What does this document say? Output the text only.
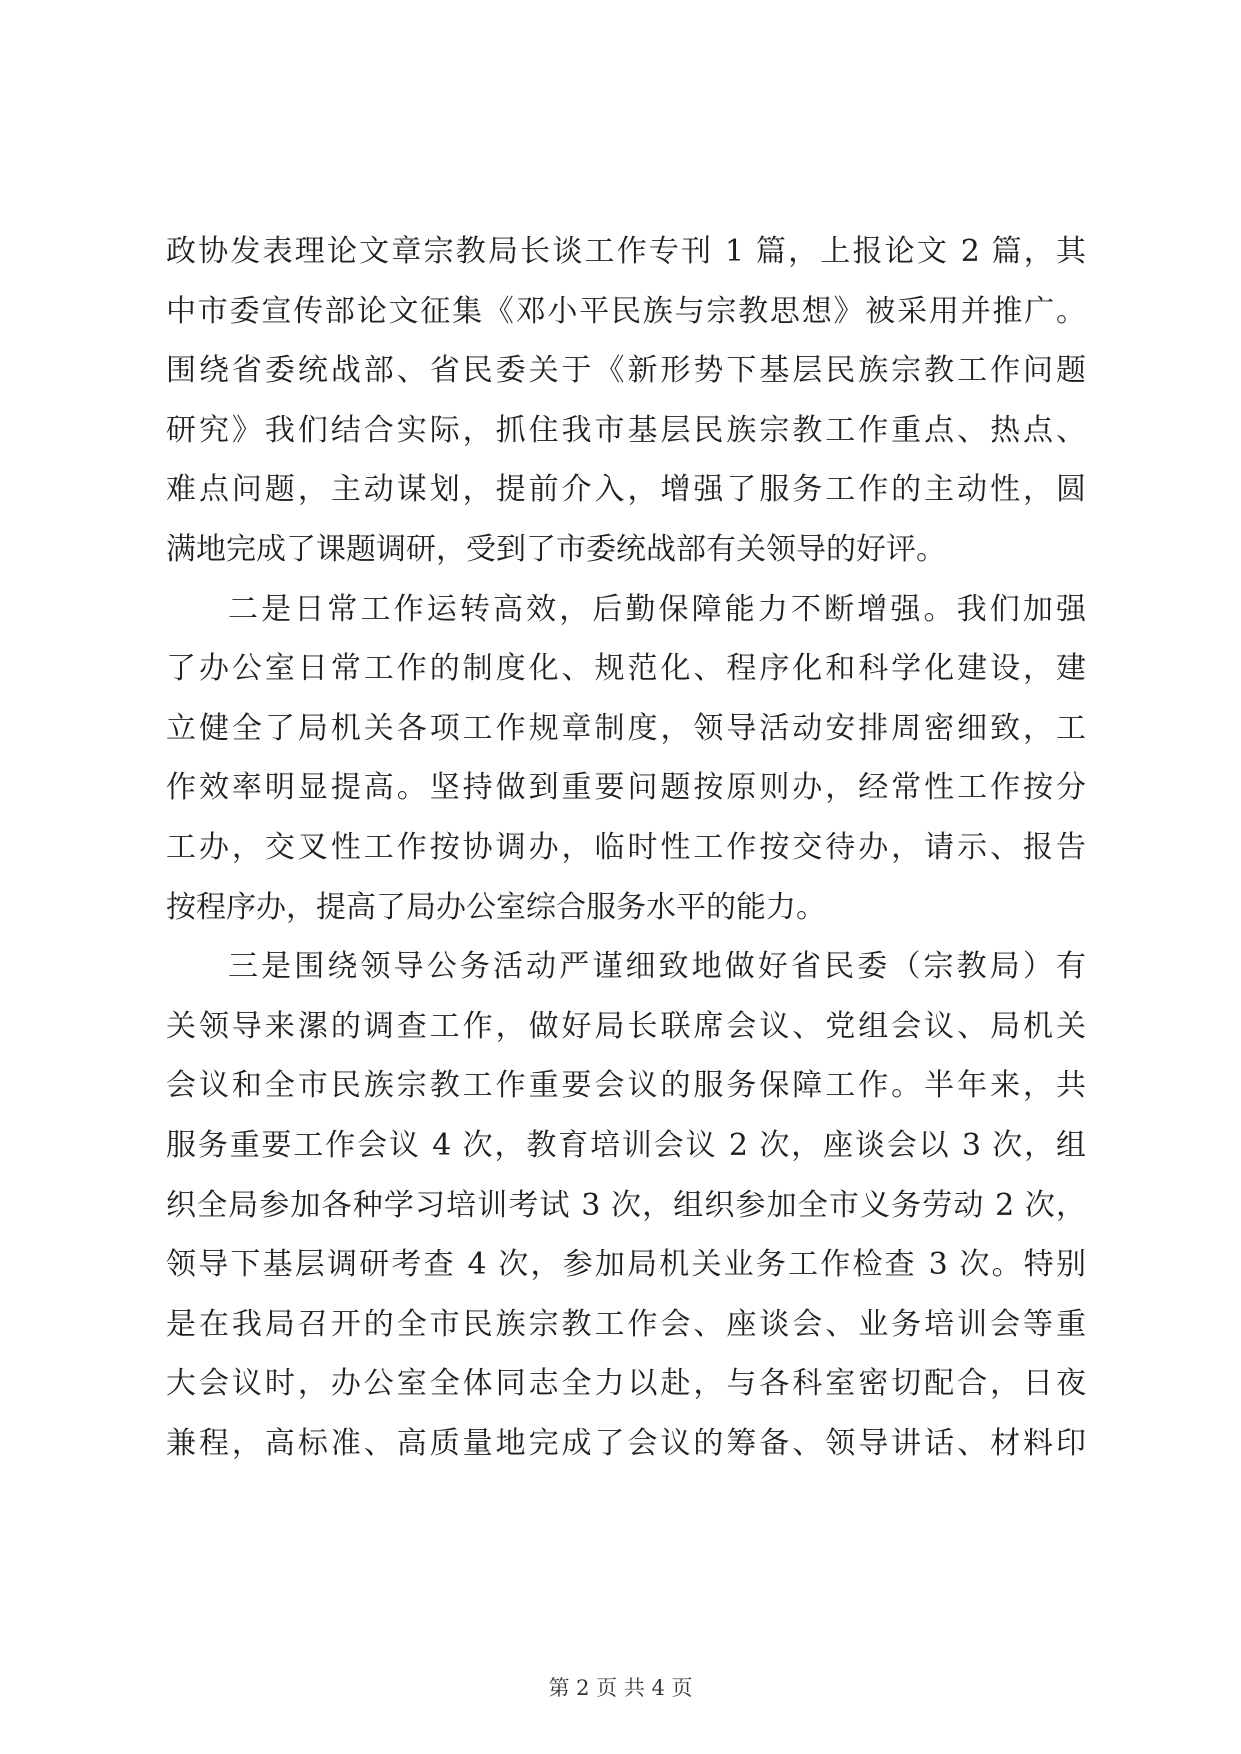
政协发表理论文章宗教局长谈工作专刊 1 篇，上报论文 2 篇，其
中市委宣传部论文征集《邓小平民族与宗教思想》被采用并推广。
围绕省委统战部、省民委关于《新形势下基层民族宗教工作问题
研究》我们结合实际，抓住我市基层民族宗教工作重点、热点、
难点问题，主动谋划，提前介入，增强了服务工作的主动性，圆
满地完成了课题调研，受到了市委统战部有关领导的好评。
二是日常工作运转高效，后勤保障能力不断增强。我们加强
了办公室日常工作的制度化、规范化、程序化和科学化建设，建
立健全了局机关各项工作规章制度，领导活动安排周密细致，工
作效率明显提高。坚持做到重要问题按原则办，经常性工作按分
工办，交叉性工作按协调办，临时性工作按交待办，请示、报告
按程序办，提高了局办公室综合服务水平的能力。
三是围绕领导公务活动严谨细致地做好省民委（宗教局）有
关领导来漯的调查工作，做好局长联席会议、党组会议、局机关
会议和全市民族宗教工作重要会议的服务保障工作。半年来，共
服务重要工作会议 4 次，教育培训会议 2 次，座谈会以 3 次，组
织全局参加各种学习培训考试 3 次，组织参加全市义务劳动 2 次，
领导下基层调研考查 4 次，参加局机关业务工作检查 3 次。特别
是在我局召开的全市民族宗教工作会、座谈会、业务培训会等重
大会议时，办公室全体同志全力以赴，与各科室密切配合，日夜
兼程，高标准、高质量地完成了会议的筹备、领导讲话、材料印
第 2 页 共 4 页
